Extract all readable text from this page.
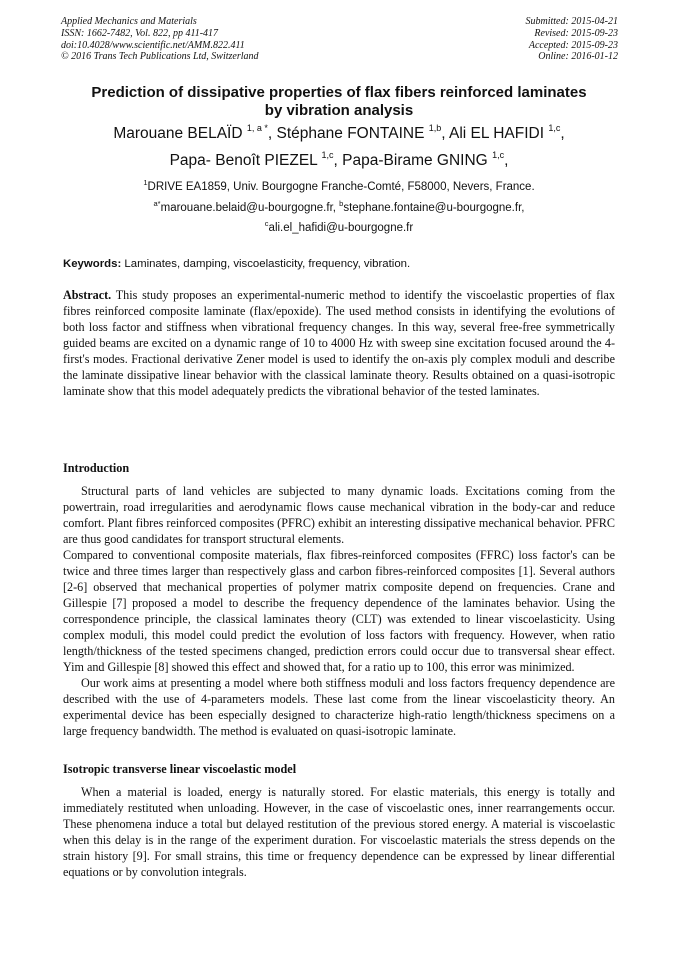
Applied Mechanics and Materials
ISSN: 1662-7482, Vol. 822, pp 411-417
doi:10.4028/www.scientific.net/AMM.822.411
© 2016 Trans Tech Publications Ltd, Switzerland
Submitted: 2015-04-21
Revised: 2015-09-23
Accepted: 2015-09-23
Online: 2016-01-12
Prediction of dissipative properties of flax fibers reinforced laminates
by vibration analysis
Marouane BELAÏD $^{1, a *}$, Stéphane FONTAINE $^{1,b}$, Ali EL HAFIDI $^{1,c}$,
Papa- Benoît PIEZEL $^{1,c}$, Papa-Birame GNING $^{1,c}$,
$^1$DRIVE EA1859, Univ. Bourgogne Franche-Comté, F58000, Nevers, France.
$^{a*}$marouane.belaid@u-bourgogne.fr, $^b$stephane.fontaine@u-bourgogne.fr,
$^c$ali.el_hafidi@u-bourgogne.fr
Keywords: Laminates, damping, viscoelasticity, frequency, vibration.
Abstract. This study proposes an experimental-numeric method to identify the viscoelastic properties of flax fibres reinforced composite laminate (flax/epoxide). The used method consists in identifying the evolutions of both loss factor and stiffness when vibrational frequency changes. In this way, several free-free symmetrically guided beams are excited on a dynamic range of 10 to 4000 Hz with sweep sine excitation focused around the 4-first's modes. Fractional derivative Zener model is used to identify the on-axis ply complex moduli and describe the laminate dissipative linear behavior with the classical laminate theory. Results obtained on a quasi-isotropic laminate show that this model adequately predicts the vibrational behavior of the tested laminates.
Introduction
Structural parts of land vehicles are subjected to many dynamic loads. Excitations coming from the powertrain, road irregularities and aerodynamic flows cause mechanical vibration in the body-car and reduce comfort. Plant fibres reinforced composites (PFRC) exhibit an interesting dissipative mechanical behavior. PFRC are thus good candidates for transport structural elements.
Compared to conventional composite materials, flax fibres-reinforced composites (FFRC) loss factor's can be twice and three times larger than respectively glass and carbon fibres-reinforced composites [1]. Several authors [2-6] observed that mechanical properties of polymer matrix composite depend on frequencies. Crane and Gillespie [7] proposed a model to describe the frequency dependence of the laminates behavior. Using the correspondence principle, the classical laminates theory (CLT) was extended to linear viscoelasticity. Using complex moduli, this model could predict the evolution of loss factors with frequency. However, when ratio length/thickness of the tested specimens changed, prediction errors could occur due to transversal shear effect. Yim and Gillespie [8] showed this effect and showed that, for a ratio up to 100, this error was minimized.
Our work aims at presenting a model where both stiffness moduli and loss factors frequency dependence are described with the use of 4-parameters models. These last come from the linear viscoelasticity theory. An experimental device has been especially designed to characterize high-ratio length/thickness specimens on a large frequency bandwidth. The method is evaluated on quasi-isotropic laminate.
Isotropic transverse linear viscoelastic model
When a material is loaded, energy is naturally stored. For elastic materials, this energy is totally and immediately restituted when unloading. However, in the case of viscoelastic ones, inner rearrangements occur. These phenomena induce a total but delayed restitution of the previous stored energy. A material is viscoelastic when this delay is in the range of the experiment duration. For viscoelastic materials the stress depends on the strain history [9]. For small strains, this time or frequency dependence can be expressed by linear differential equations or by convolution integrals.
